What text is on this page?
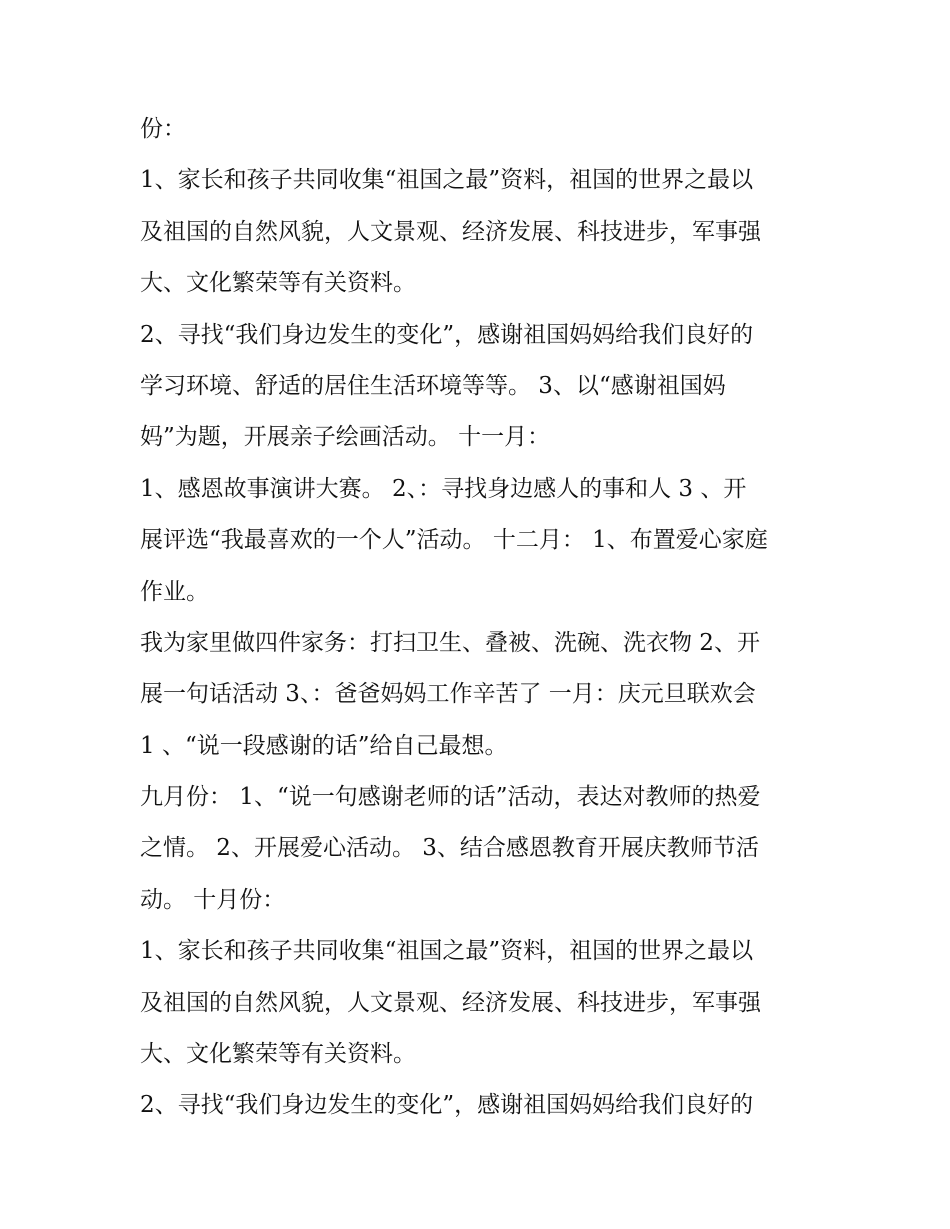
份：
1、家长和孩子共同收集“祖国之最”资料，祖国的世界之最以
及祖国的自然风貌，人文景观、经济发展、科技进步，军事强
大、文化繁荣等有关资料。
2、寻找“我们身边发生的变化”，感谢祖国妈妈给我们良好的
学习环境、舒适的居住生活环境等等。 3、以“感谢祖国妈
妈”为题，开展亲子绘画活动。 十一月：
1、感恩故事演讲大赛。 2、：寻找身边感人的事和人 3 、开
展评选“我最喜欢的一个人”活动。 十二月： 1、布置爱心家庭
作业。
我为家里做四件家务：打扫卫生、叠被、洗碗、洗衣物 2、开
展一句话活动 3、：爸爸妈妈工作辛苦了 一月：庆元旦联欢会
1 、“说一段感谢的话”给自己最想。
九月份： 1、“说一句感谢老师的话”活动，表达对教师的热爱
之情。 2、开展爱心活动。 3、结合感恩教育开展庆教师节活
动。 十月份：
1、家长和孩子共同收集“祖国之最”资料，祖国的世界之最以
及祖国的自然风貌，人文景观、经济发展、科技进步，军事强
大、文化繁荣等有关资料。
2、寻找“我们身边发生的变化”，感谢祖国妈妈给我们良好的
